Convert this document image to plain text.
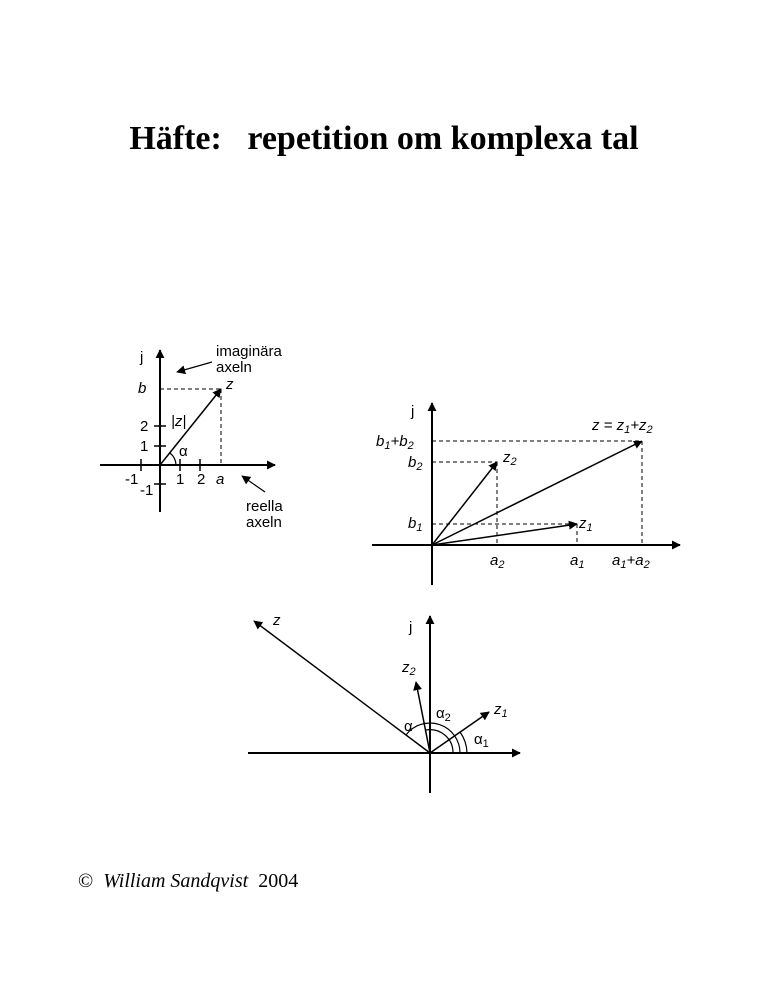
Häfte:   repetition om komplexa tal
j	imaginära
axeln
b
2
1
-1
-1	1 2 a
z
|z|
α
reella
axeln
j
$z = z_1+z_2$
$b_1+b_2$
$b_2$
$b_1$
$z_2$
$z_1$
$a_2$	$a_1$ $a_1+a_2$
j
z
$z_2$
$z_1$
α
$\alpha_2$
$\alpha_1$
© William Sandqvist 2004
